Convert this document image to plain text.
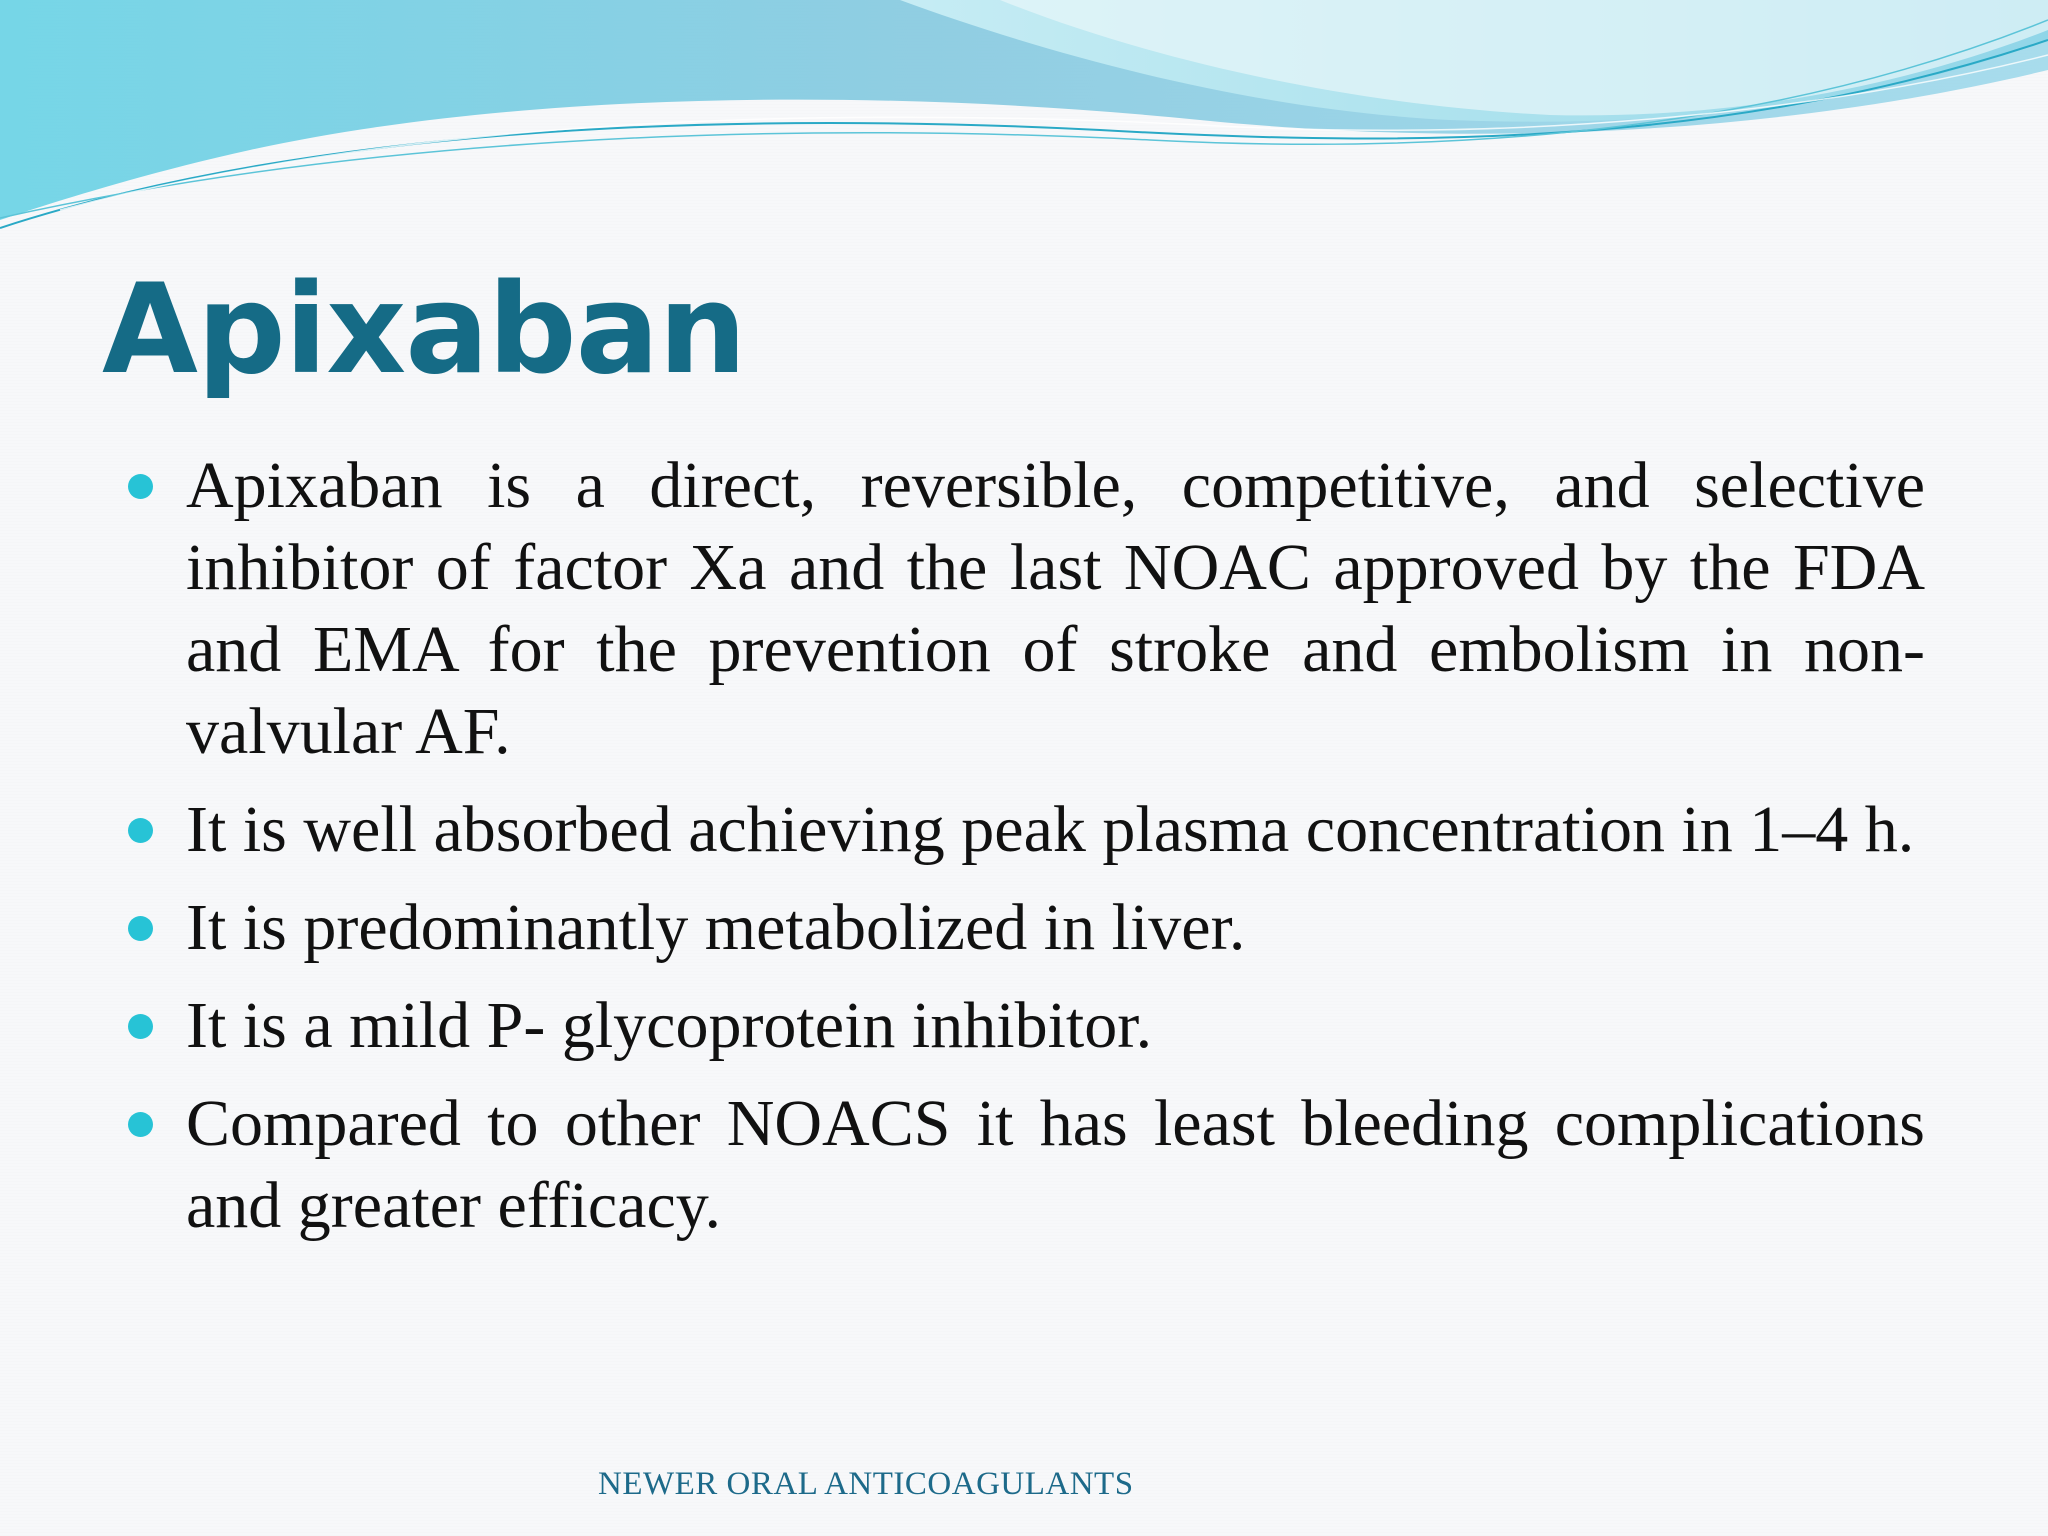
Apixaban
Apixaban is a direct, reversible, competitive, and selective inhibitor of factor Xa and the last NOAC approved by the FDA and EMA for the prevention of stroke and embolism in non-valvular AF.
It is well absorbed achieving peak plasma concentration in 1–4 h.
It is predominantly metabolized in liver.
It is a mild P- glycoprotein inhibitor.
Compared to other NOACS it has least bleeding complications and greater efficacy.
NEWER ORAL ANTICOAGULANTS
